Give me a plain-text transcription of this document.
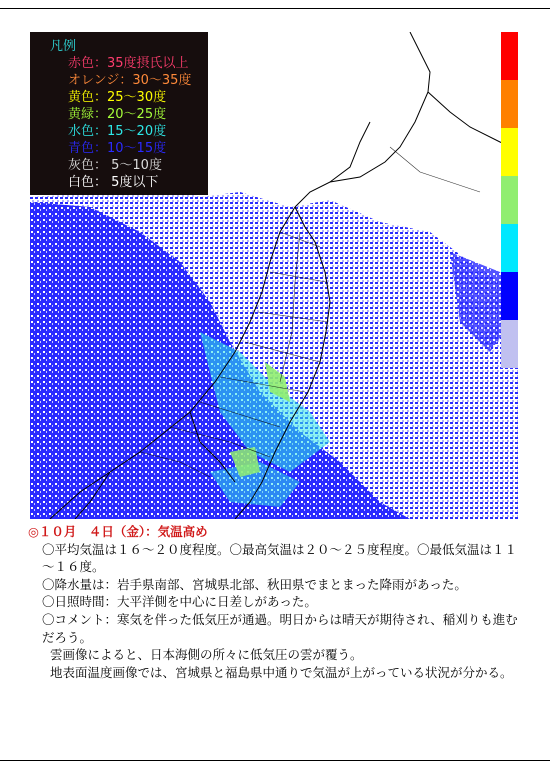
凡例
赤色：35度摂氏以上
オレンジ：30～35度
黄色：25～30度
黄緑：20～25度
水色：15～20度
青色：10～15度
灰色： 5～10度
白色： 5度以下

◎１０月　４日（金）：気温高め

〇平均気温は１６～２０度程度。〇最高気温は２０～２５度程度。〇最低気温は１１～１６度。

〇降水量は：岩手県南部、宮城県北部、秋田県でまとまった降雨があった。

〇日照時間：大平洋側を中心に日差しがあった。

〇コメント：寒気を伴った低気圧が通過。明日からは晴天が期待され、稲刈りも進むだろう。

雲画像によると、日本海側の所々に低気圧の雲が覆う。

地表面温度画像では、宮城県と福島県中通りで気温が上がっている状況が分かる。
